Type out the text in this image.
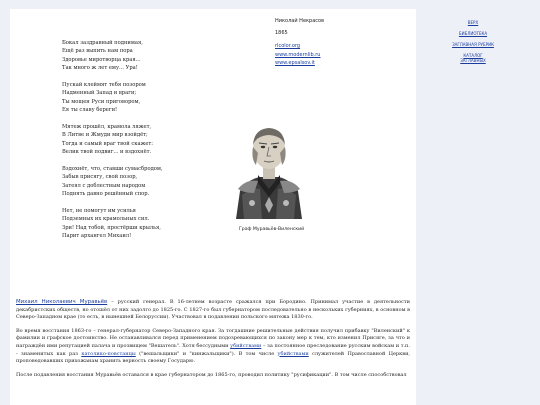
Бокал заздравный поднимая,
Ещё раз выпить нам пора
Здоровье миротворца края...
Так много ж лет ему... Ура!
Пускай клеймят тебя позором
Надменный Запад и враги;
Ты мощен Руси приговором,
Ея ты славу береги!
Мятеж прошёл, крамола ляжет,
В Литве и Жмуди мир взойдёт;
Тогда и самый враг твой скажет:
Велик твой подвиг... и вздохнёт.
Вздохнёт, что, ставши сумасбродом,
Забыв присягу, свой позор,
Затеял с доблестным народом
Поднять давно решённый спор.
Нет, не помогут им усилья
Подземных их крамольных сил.
Зри! Над тобой, простёрши крылья,
Парит архангел Михаил!
Николай Некрасов
1865
rlcolor.org
www.modernlib.ru
www.epsalsov.it
Граф Муравьёв-Виленский

Михаил Николаевич Муравьёв – русский генерал. В 16-летнем возрасте сражался при Бородино. Принимал участие в деятельности декабристских обществ, но отошёл от них задолго до 1825-го. С 1827-го был губернатором последовательно в нескольких губерниях, в основном в Северо-Западном крае (то есть, в нынешней Белоруссии). Участвовал в подавлении польского мятежа 1830-го.

Во время восстания 1863-го – генерал-губернатор Северо-Западного края. За тогдашние решительные действия получил прибавку "Виленский" к фамилии и графское достоинство. Не останавливался перед применением подозревающихся по закону мер к тем, кто изменил Присяге, за что и награждён ими репутацией палача и прозвищем "Вешатель". Хотя бессудными убийствами – за постоянное преследование русским войскам и т.п. - знаменитых как раз католико-повстанцы ("вешальщики" и "кинжальщики"). В том числе убийствами служителей Православной Церкви, проповедовавших прихожанам хранить верность своему Государю.

После подавления восстания Муравьёв оставался в крае губернатором до 1865-го, проводил политику "русификации". В том числе способствовал

ВЕРХ
БИБЛИОТЕКА
ЗАГЛАВНАЯ РУБРИК
КАТАЛОГ ЗАГЛАВНЫХ
